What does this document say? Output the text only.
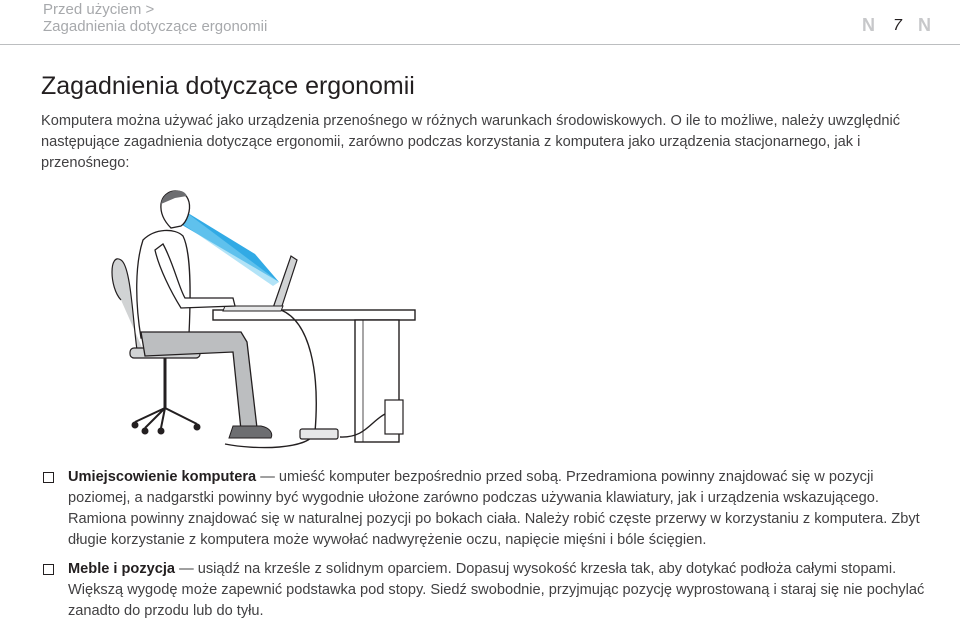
Przed użyciem >
Zagadnienia dotyczące ergonomii	N 7 N
Zagadnienia dotyczące ergonomii

Komputera można używać jako urządzenia przenośnego w różnych warunkach środowiskowych. O ile to możliwe, należy uwzględnić następujące zagadnienia dotyczące ergonomii, zarówno podczas korzystania z komputera jako urządzenia stacjonarnego, jak i przenośnego:

Umiejscowienie komputera — umieść komputer bezpośrednio przed sobą. Przedramiona powinny znajdować się w pozycji poziomej, a nadgarstki powinny być wygodnie ułożone zarówno podczas używania klawiatury, jak i urządzenia wskazującego. Ramiona powinny znajdować się w naturalnej pozycji po bokach ciała. Należy robić częste przerwy w korzystaniu z komputera. Zbyt długie korzystanie z komputera może wywołać nadwyrężenie oczu, napięcie mięśni i bóle ścięgien.
Meble i pozycja — usiądź na krześle z solidnym oparciem. Dopasuj wysokość krzesła tak, aby dotykać podłoża całymi stopami. Większą wygodę może zapewnić podstawka pod stopy. Siedź swobodnie, przyjmując pozycję wyprostowaną i staraj się nie pochylać zanadto do przodu lub do tyłu.
